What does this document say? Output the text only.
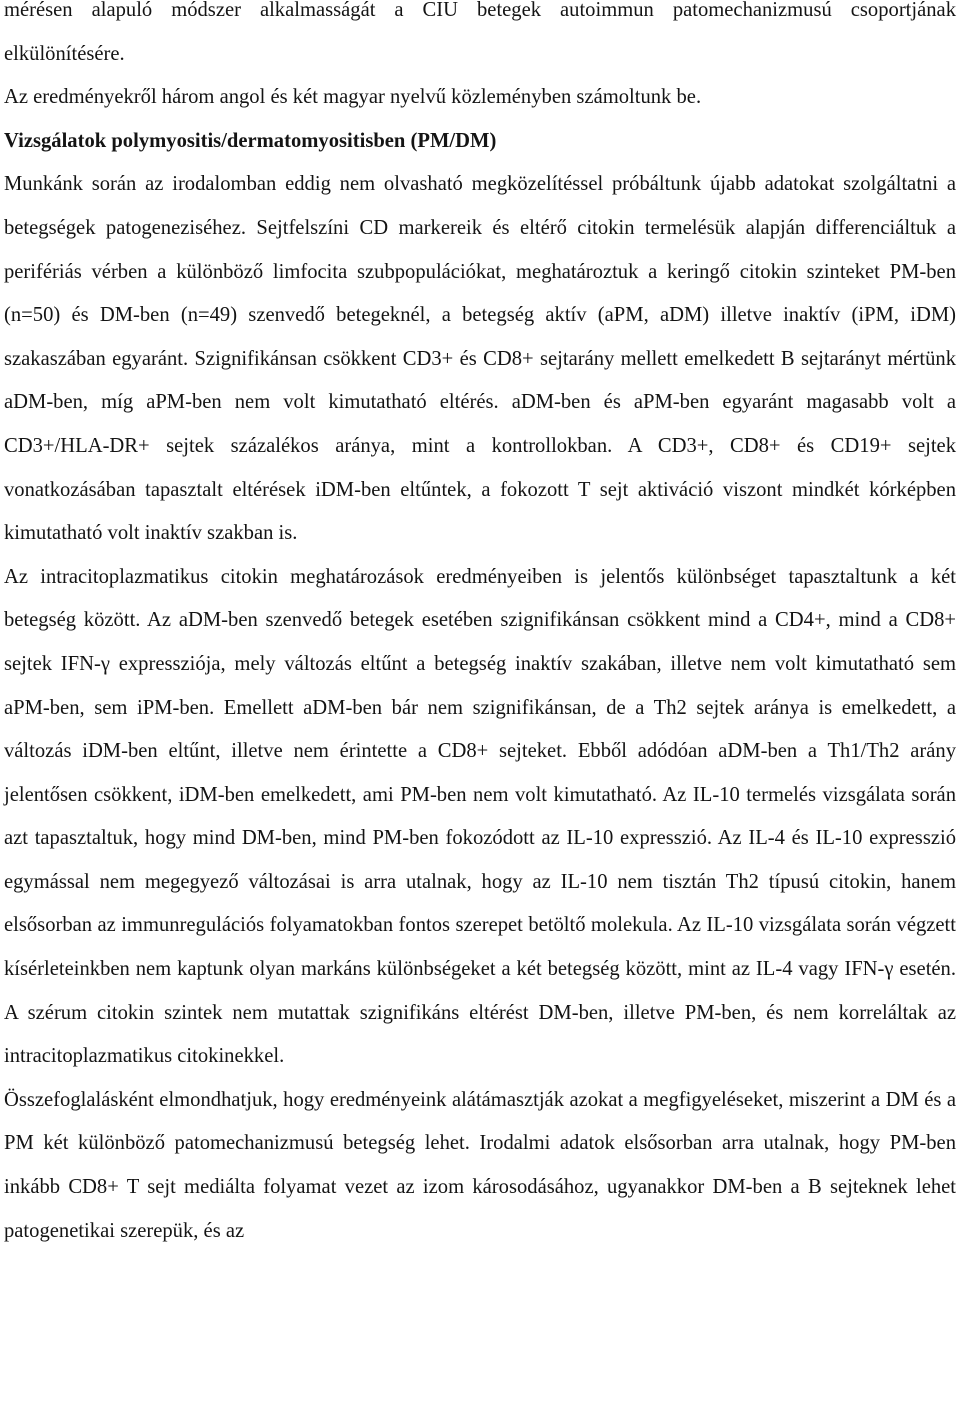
mérésen alapuló módszer alkalmasságát a CIU betegek autoimmun patomechanizmusú csoportjának elkülönítésére.

Az eredményekről három angol és két magyar nyelvű közleményben számoltunk be.

Vizsgálatok polymyositis/dermatomyositisben (PM/DM)

Munkánk során az irodalomban eddig nem olvasható megközelítéssel próbáltunk újabb adatokat szolgáltatni a betegségek patogeneziséhez. Sejtfelszíni CD markereik és eltérő citokin termelésük alapján differenciáltuk a perifériás vérben a különböző limfocita szubpopulációkat, meghatároztuk a keringő citokin szinteket PM-ben (n=50) és DM-ben (n=49) szenvedő betegeknél, a betegség aktív (aPM, aDM) illetve inaktív (iPM, iDM) szakaszában egyaránt. Szignifikánsan csökkent CD3+ és CD8+ sejtarány mellett emelkedett B sejtarányt mértünk aDM-ben, míg aPM-ben nem volt kimutatható eltérés. aDM-ben és aPM-ben egyaránt magasabb volt a CD3+/HLA-DR+ sejtek százalékos aránya, mint a kontrollokban. A CD3+, CD8+ és CD19+ sejtek vonatkozásában tapasztalt eltérések iDM-ben eltűntek, a fokozott T sejt aktiváció viszont mindkét kórképben kimutatható volt inaktív szakban is.

Az intracitoplazmatikus citokin meghatározások eredményeiben is jelentős különbséget tapasztaltunk a két betegség között. Az aDM-ben szenvedő betegek esetében szignifikánsan csökkent mind a CD4+, mind a CD8+ sejtek IFN-γ expressziója, mely változás eltűnt a betegség inaktív szakában, illetve nem volt kimutatható sem aPM-ben, sem iPM-ben. Emellett aDM-ben bár nem szignifikánsan, de a Th2 sejtek aránya is emelkedett, a változás iDM-ben eltűnt, illetve nem érintette a CD8+ sejteket. Ebből adódóan aDM-ben a Th1/Th2 arány jelentősen csökkent, iDM-ben emelkedett, ami PM-ben nem volt kimutatható. Az IL-10 termelés vizsgálata során azt tapasztaltuk, hogy mind DM-ben, mind PM-ben fokozódott az IL-10 expresszió. Az IL-4 és IL-10 expresszió egymással nem megegyező változásai is arra utalnak, hogy az IL-10 nem tisztán Th2 típusú citokin, hanem elsősorban az immunregulációs folyamatokban fontos szerepet betöltő molekula. Az IL-10 vizsgálata során végzett kísérleteinkben nem kaptunk olyan markáns különbségeket a két betegség között, mint az IL-4 vagy IFN-γ esetén. A szérum citokin szintek nem mutattak szignifikáns eltérést DM-ben, illetve PM-ben, és nem korreláltak az intracitoplazmatikus citokinekkel.

Összefoglalásként elmondhatjuk, hogy eredményeink alátámasztják azokat a megfigyeléseket, miszerint a DM és a PM két különböző patomechanizmusú betegség lehet. Irodalmi adatok elsősorban arra utalnak, hogy PM-ben inkább CD8+ T sejt mediálta folyamat vezet az izom károsodásához, ugyanakkor DM-ben a B sejteknek lehet patogenetikai szerepük, és az
